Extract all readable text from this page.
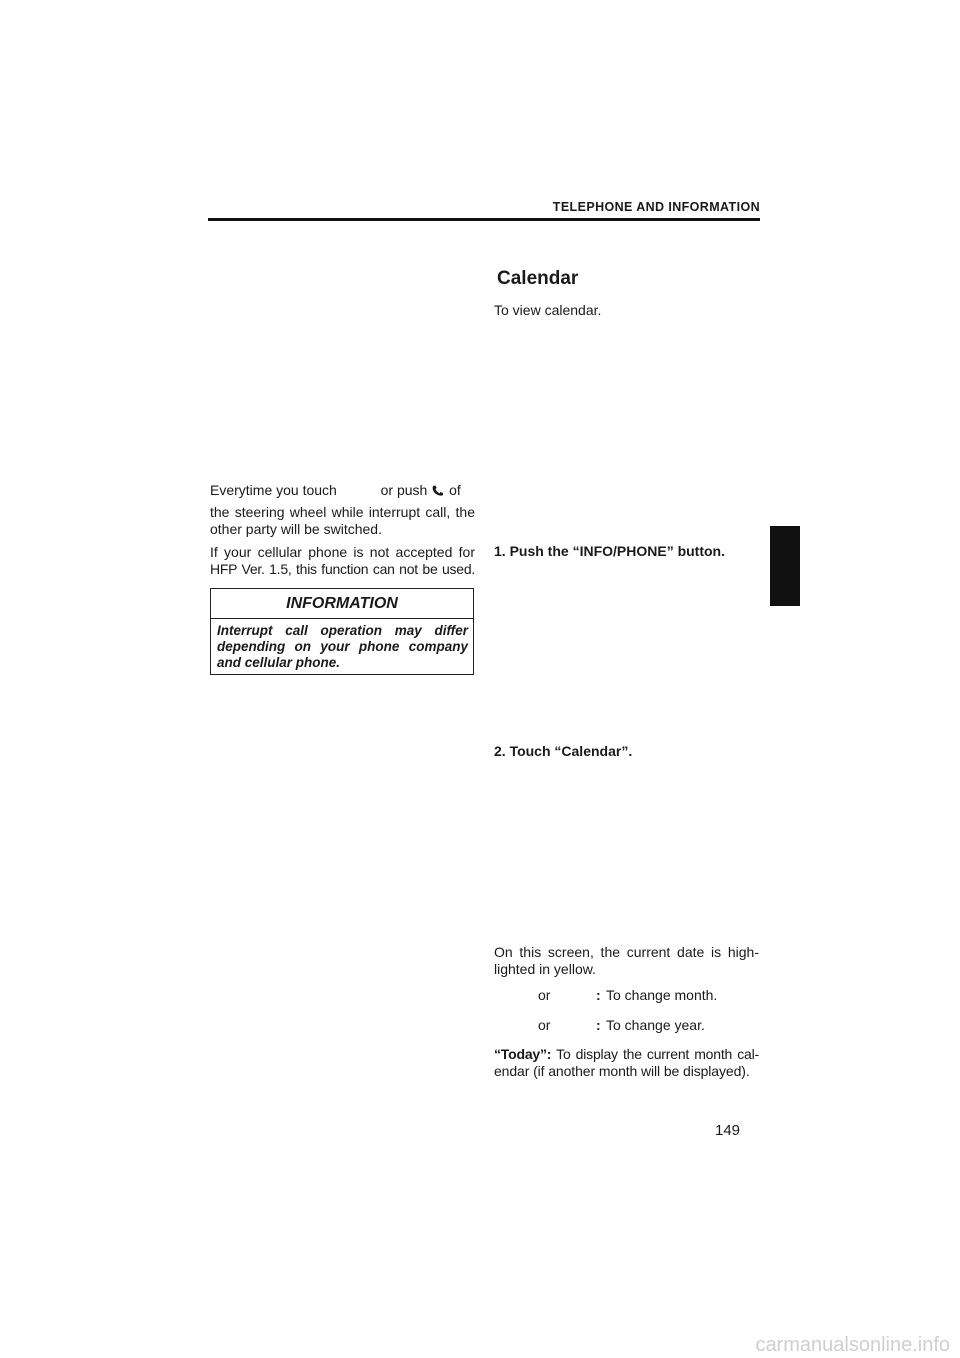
TELEPHONE AND INFORMATION
Everytime you touch	or push of
the steering wheel while interrupt call, the
other party will be switched.
If your cellular phone is not accepted for
HFP Ver. 1.5, this function can not be used.
INFORMATION
Interrupt call operation may differ
depending on your phone company
and cellular phone.
Calendar
To view calendar.
1. Push the “INFO/PHONE” button.
2. Touch “Calendar”.
On this screen, the current date is high-
lighted in yellow.
or	: To change month.
or	: To change year.
“Today”: To display the current month cal-
endar (if another month will be displayed).
149
carmanualsonline.info
